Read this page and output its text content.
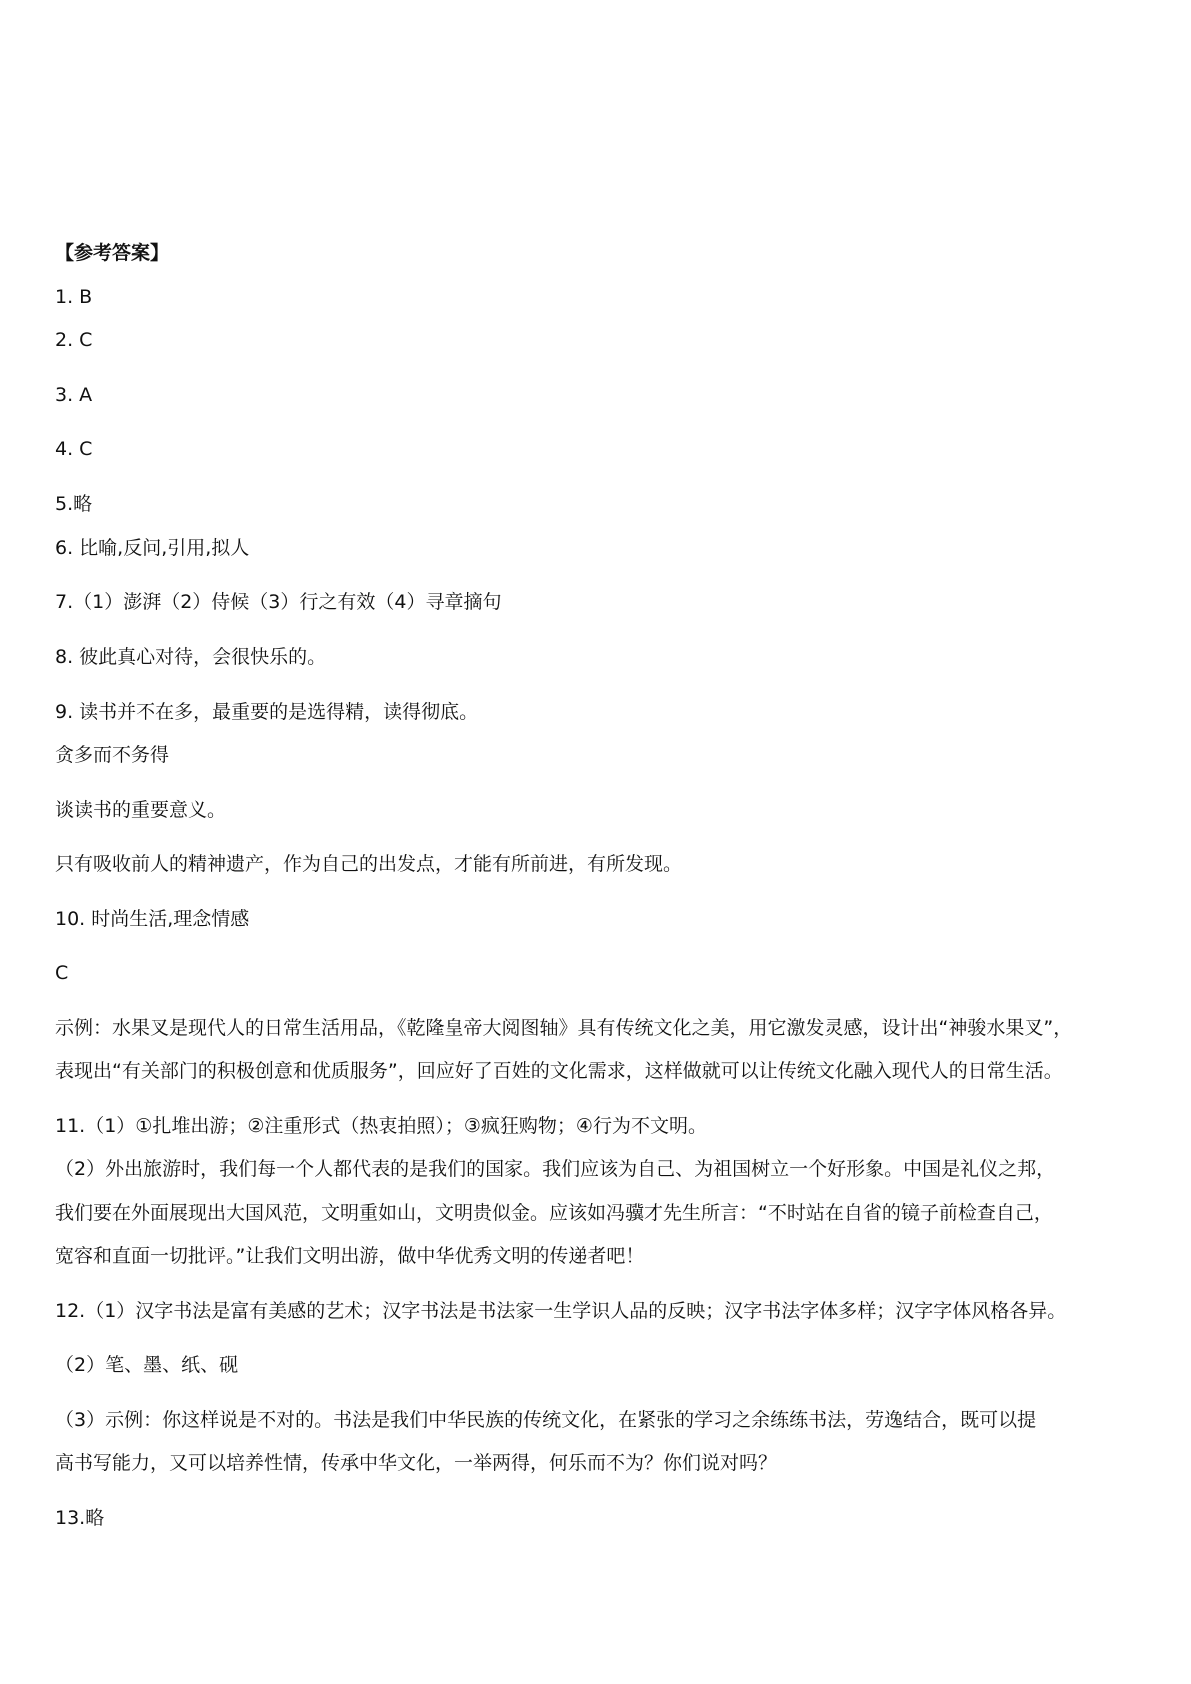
【参考答案】
1. B
2. C
3. A
4. C
5.略
6. 比喻,反问,引用,拟人
7.（1）澎湃（2）侍候（3）行之有效（4）寻章摘句
8. 彼此真心对待，会很快乐的。
9. 读书并不在多，最重要的是选得精，读得彻底。
贪多而不务得
谈读书的重要意义。
只有吸收前人的精神遗产，作为自己的出发点，才能有所前进，有所发现。
10. 时尚生活,理念情感
C
示例：水果叉是现代人的日常生活用品，《乾隆皇帝大阅图轴》具有传统文化之美，用它激发灵感，设计出“神骏水果叉”，
表现出“有关部门的积极创意和优质服务”，回应好了百姓的文化需求，这样做就可以让传统文化融入现代人的日常生活。
11.（1）①扎堆出游；②注重形式（热衷拍照）；③疯狂购物；④行为不文明。
（2）外出旅游时，我们每一个人都代表的是我们的国家。我们应该为自己、为祖国树立一个好形象。中国是礼仪之邦，
我们要在外面展现出大国风范，文明重如山，文明贵似金。应该如冯骥才先生所言：“不时站在自省的镜子前检查自己，
宽容和直面一切批评。”让我们文明出游，做中华优秀文明的传递者吧！
12.（1）汉字书法是富有美感的艺术；汉字书法是书法家一生学识人品的反映；汉字书法字体多样；汉字字体风格各异。
（2）笔、墨、纸、砚
（3）示例：你这样说是不对的。书法是我们中华民族的传统文化，在紧张的学习之余练练书法，劳逸结合，既可以提
高书写能力，又可以培养性情，传承中华文化，一举两得，何乐而不为？你们说对吗？
13.略
